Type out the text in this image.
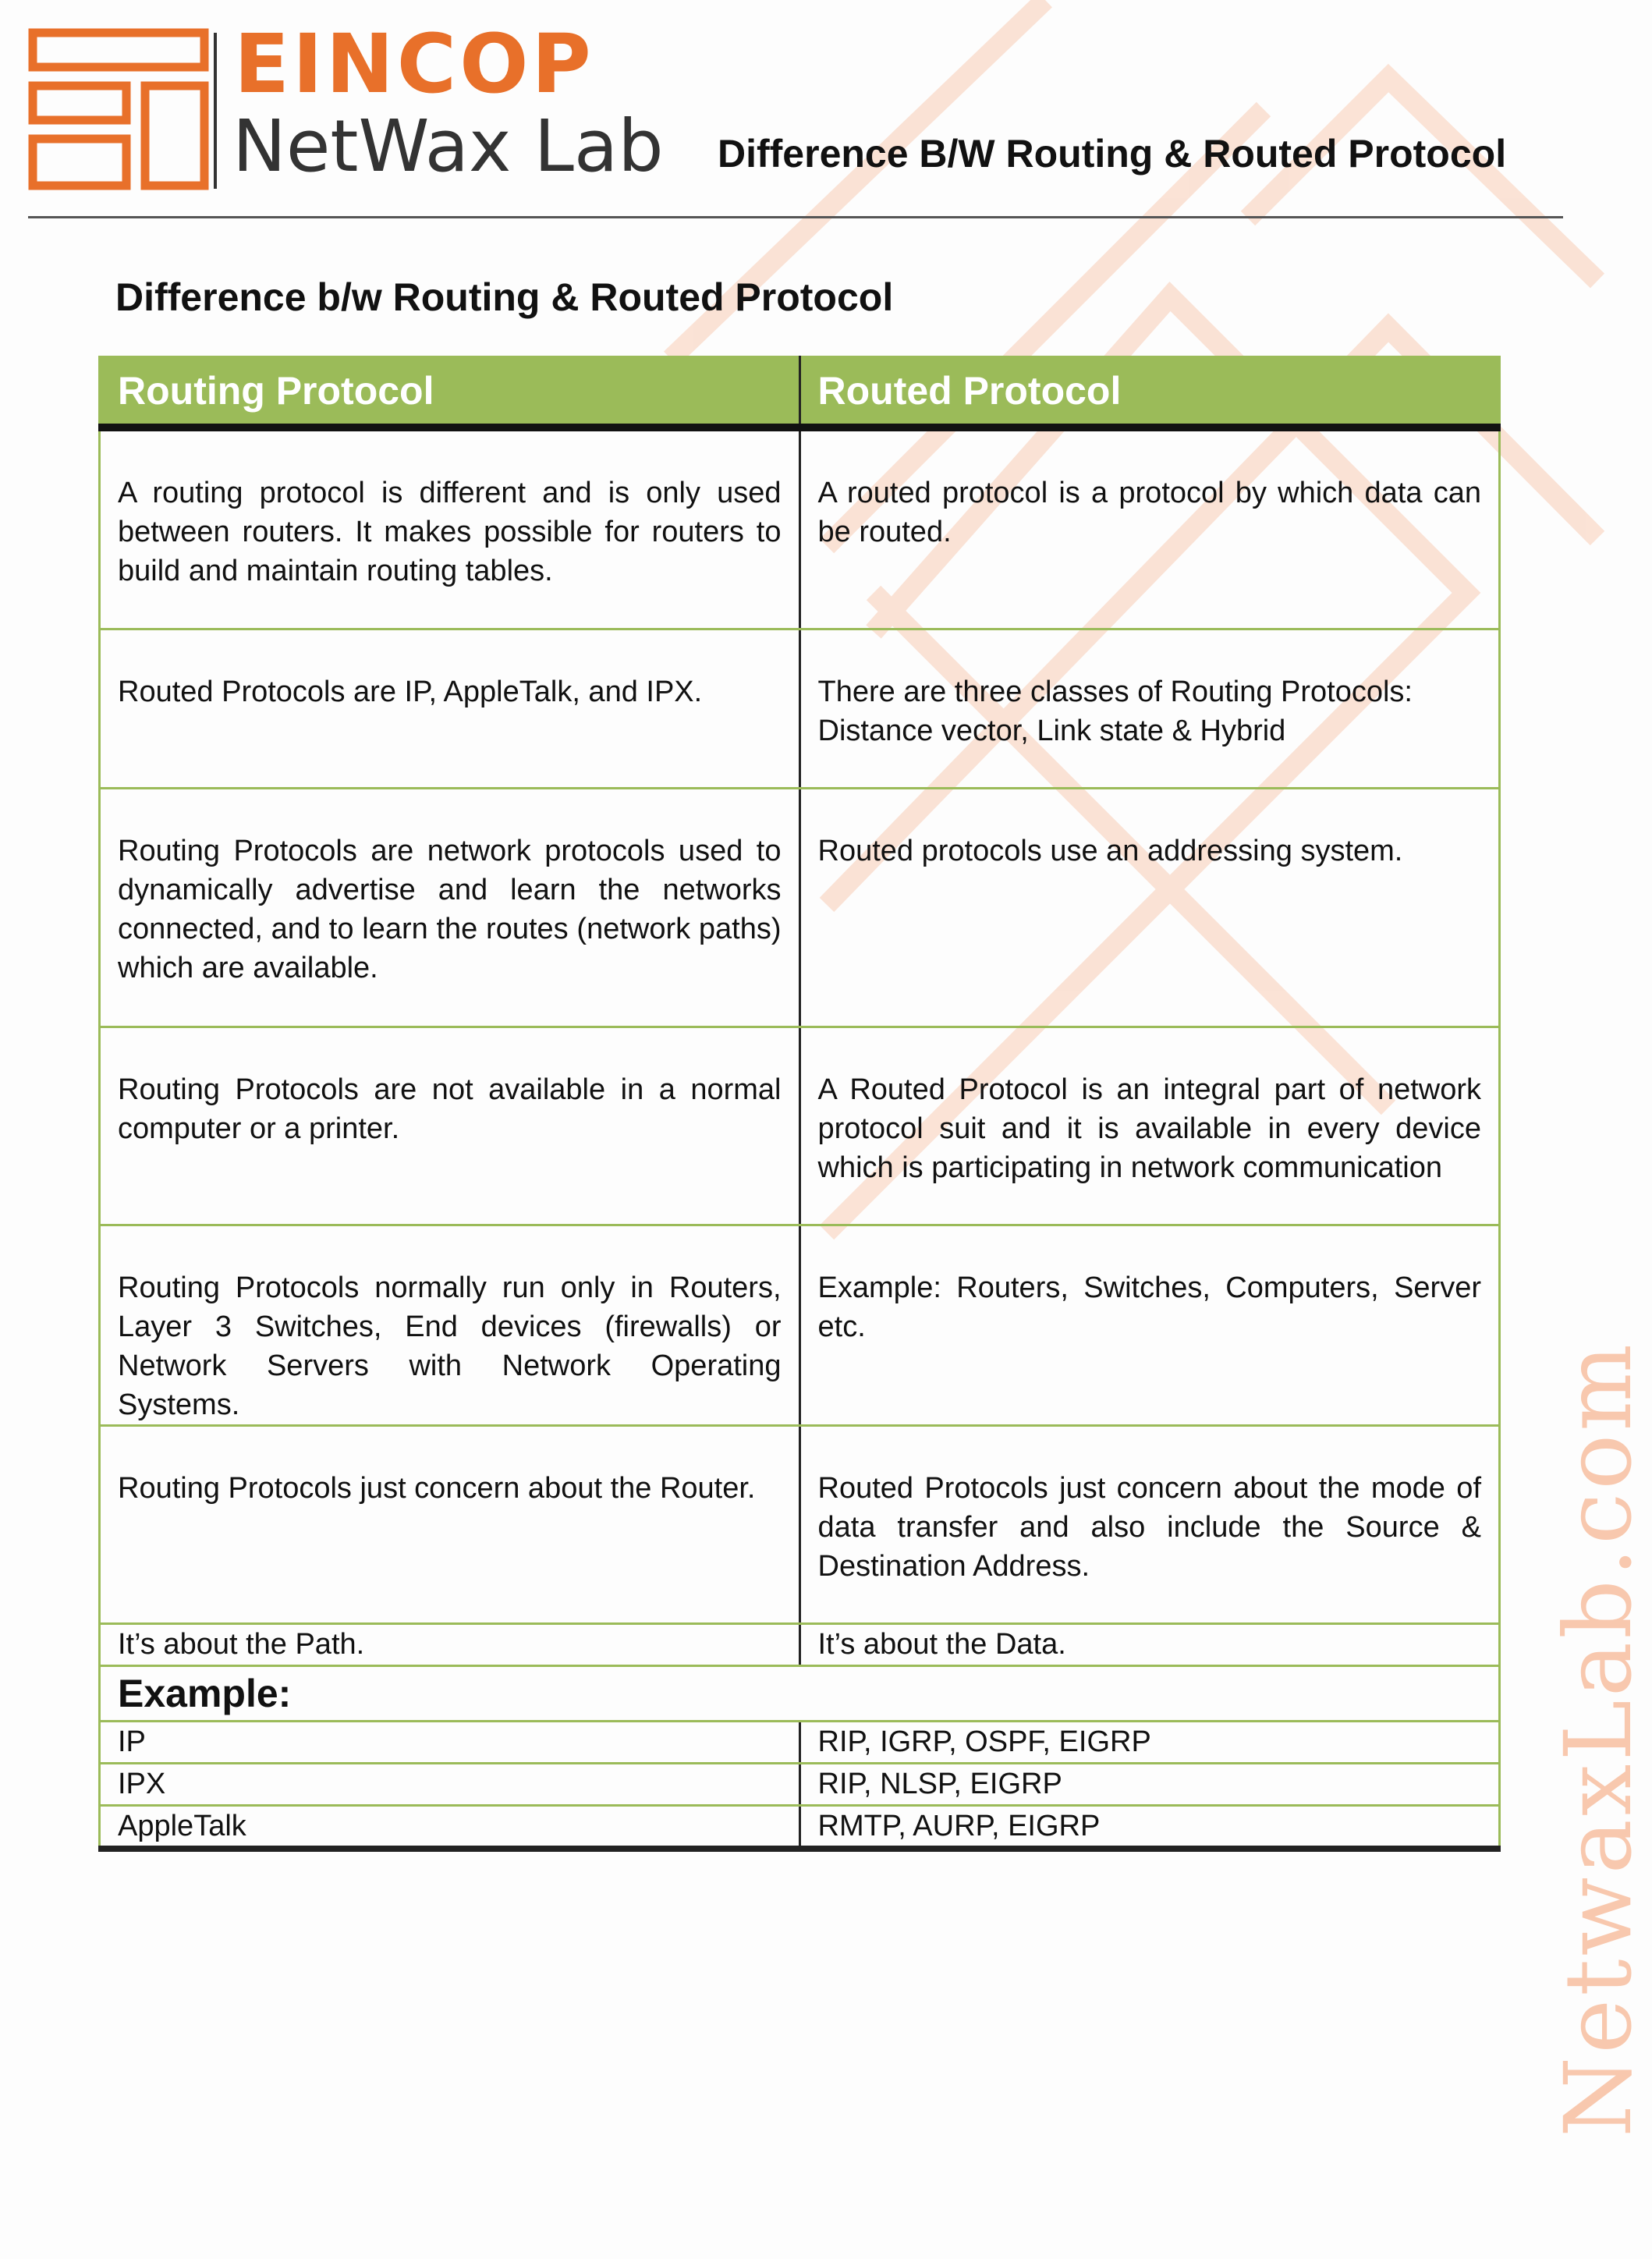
EINCOP
NetWax Lab Difference B/W Routing & Routed Protocol
Difference b/w Routing & Routed Protocol
Routing Protocol	Routed Protocol
A routing protocol is different and is only used between routers. It makes possible for routers to build and maintain routing tables.	A routed protocol is a protocol by which data can be routed.
Routed Protocols are IP, AppleTalk, and IPX.	There are three classes of Routing Protocols: Distance vector, Link state & Hybrid
Routing Protocols are network protocols used to dynamically advertise and learn the networks connected, and to learn the routes (network paths) which are available.	Routed protocols use an addressing system.
Routing Protocols are not available in a normal computer or a printer.	A Routed Protocol is an integral part of network protocol suit and it is available in every device which is participating in network communication
Routing Protocols normally run only in Routers, Layer 3 Switches, End devices (firewalls) or Network Servers with Network Operating Systems.	Example: Routers, Switches, Computers, Server etc.
Routing Protocols just concern about the Router.	Routed Protocols just concern about the mode of data transfer and also include the Source & Destination Address.
It’s about the Path.	It’s about the Data.
Example:	
IP	RIP, IGRP, OSPF, EIGRP
IPX	RIP, NLSP, EIGRP
AppleTalk	RMTP, AURP, EIGRP	NetwaxLab.com
